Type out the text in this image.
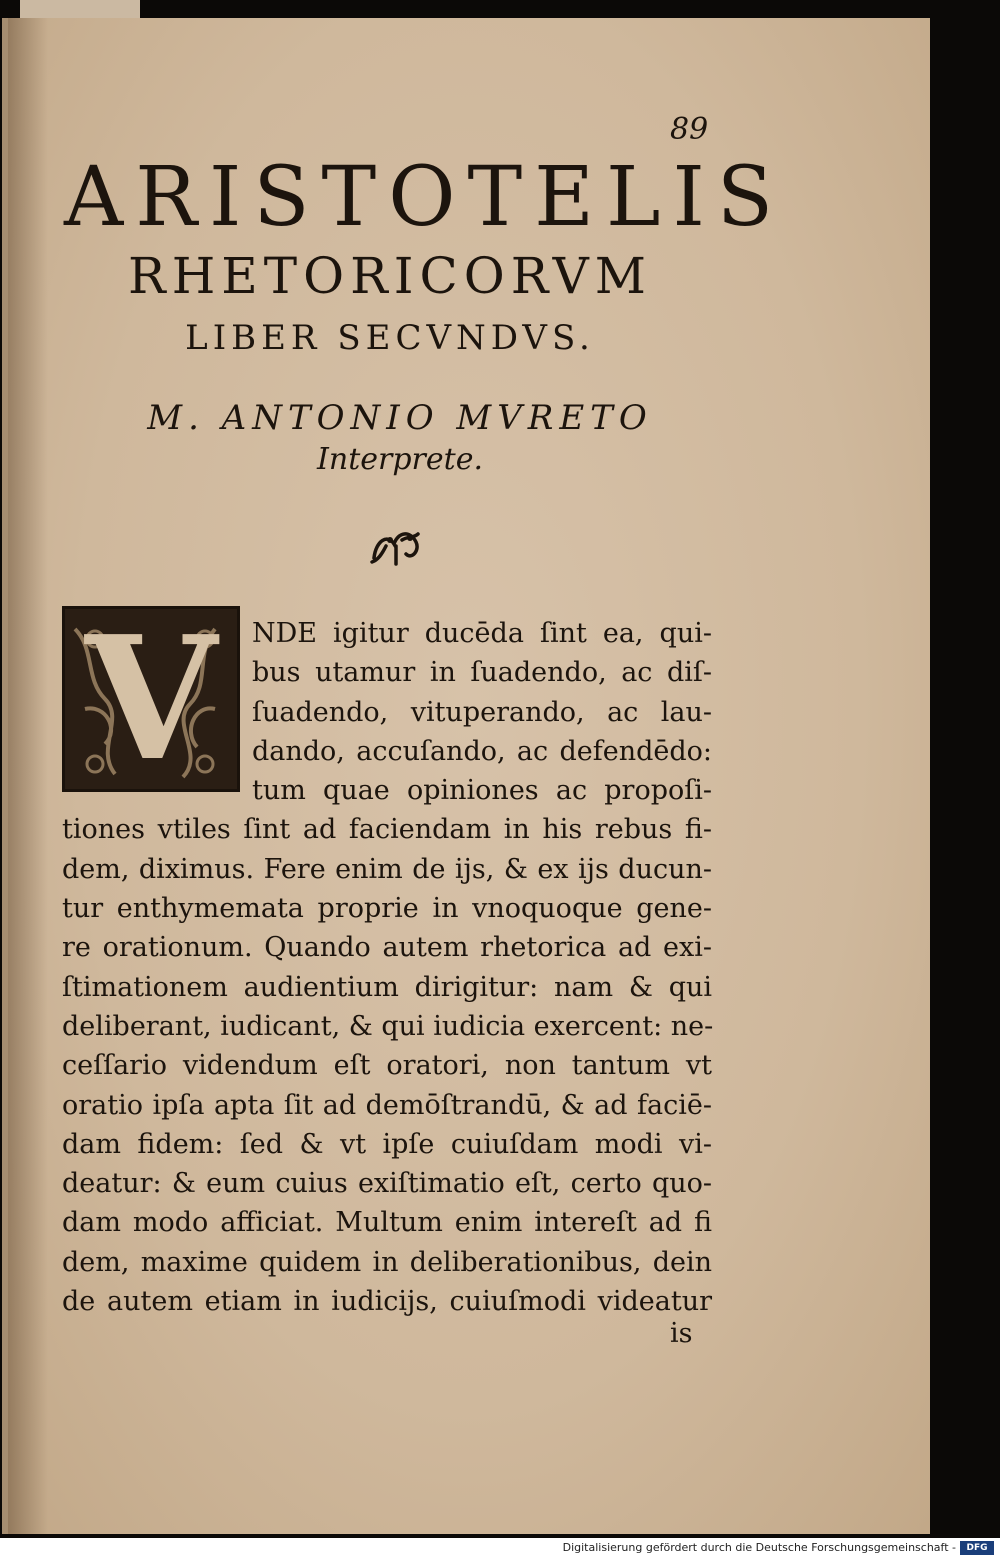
89
ARISTOTELIS
RHETORICORVM
LIBER SECVNDVS.
M. ANTONIO MVRETO
Interprete.
V	NDE igitur ducēda ſint ea, qui-
bus utamur in ſuadendo, ac diſ-
ſuadendo, vituperando, ac lau-
dando, accuſando, ac defendēdo:
tum quae opiniones ac propoſi-
tiones vtiles ſint ad faciendam in his rebus fi-
dem, diximus. Fere enim de ijs, & ex ijs ducun-
tur enthymemata proprie in vnoquoque gene-
re orationum. Quando autem rhetorica ad exi-
ſtimationem audientium dirigitur: nam & qui
deliberant, iudicant, & qui iudicia exercent: ne-
ceſſario videndum eſt oratori, non tantum vt
oratio ipſa apta ſit ad demōſtrandū, & ad faciē-
dam fidem: ſed & vt ipſe cuiuſdam modi vi-
deatur: & eum cuius exiſtimatio eſt, certo quo-
dam modo afficiat. Multum enim intereſt ad fi
dem, maxime quidem in deliberationibus, dein
de autem etiam in iudicijs, cuiuſmodi videatur
is
Digitalisierung gefördert durch die Deutsche Forschungsgemeinschaft -	DFG
